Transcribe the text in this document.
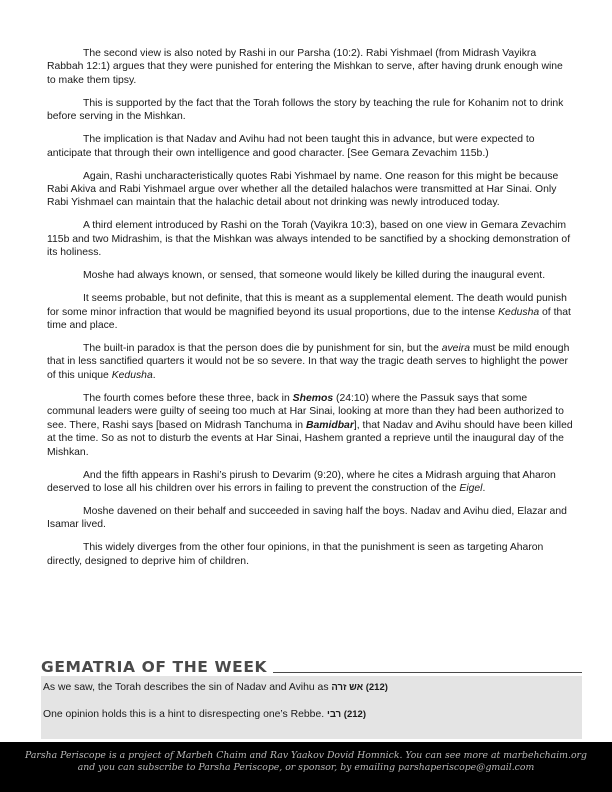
The second view is also noted by Rashi in our Parsha (10:2). Rabi Yishmael (from Midrash Vayikra Rabbah 12:1) argues that they were punished for entering the Mishkan to serve, after having drunk enough wine to make them tipsy.

This is supported by the fact that the Torah follows the story by teaching the rule for Kohanim not to drink before serving in the Mishkan.

The implication is that Nadav and Avihu had not been taught this in advance, but were expected to anticipate that through their own intelligence and good character. [See Gemara Zevachim 115b.)

Again, Rashi uncharacteristically quotes Rabi Yishmael by name. One reason for this might be because Rabi Akiva and Rabi Yishmael argue over whether all the detailed halachos were transmitted at Har Sinai. Only Rabi Yishmael can maintain that the halachic detail about not drinking was newly introduced today.

A third element introduced by Rashi on the Torah (Vayikra 10:3), based on one view in Gemara Zevachim 115b and two Midrashim, is that the Mishkan was always intended to be sanctified by a shocking demonstration of its holiness.

Moshe had always known, or sensed, that someone would likely be killed during the inaugural event.

It seems probable, but not definite, that this is meant as a supplemental element. The death would punish for some minor infraction that would be magnified beyond its usual proportions, due to the intense Kedusha of that time and place.

The built-in paradox is that the person does die by punishment for sin, but the aveira must be mild enough that in less sanctified quarters it would not be so severe. In that way the tragic death serves to highlight the power of this unique Kedusha.

The fourth comes before these three, back in Shemos (24:10) where the Passuk says that some communal leaders were guilty of seeing too much at Har Sinai, looking at more than they had been authorized to see. There, Rashi says [based on Midrash Tanchuma in Bamidbar], that Nadav and Avihu should have been killed at the time. So as not to disturb the events at Har Sinai, Hashem granted a reprieve until the inaugural day of the Mishkan.

And the fifth appears in Rashi’s pirush to Devarim (9:20), where he cites a Midrash arguing that Aharon deserved to lose all his children over his errors in failing to prevent the construction of the Eigel.

Moshe davened on their behalf and succeeded in saving half the boys. Nadav and Avihu died, Elazar and Isamar lived.

This widely diverges from the other four opinions, in that the punishment is seen as targeting Aharon directly, designed to deprive him of children.

GEMATRIA OF THE WEEK

As we saw, the Torah describes the sin of Nadav and Avihu as (212) אש זרה

One opinion holds this is a hint to disrespecting one’s Rebbe. (212) רבי

Parsha Periscope is a project of Marbeh Chaim and Rav Yaakov Dovid Homnick. You can see more at marbehchaim.org

and you can subscribe to Parsha Periscope, or sponsor, by emailing parshaperiscope@gmail.com
